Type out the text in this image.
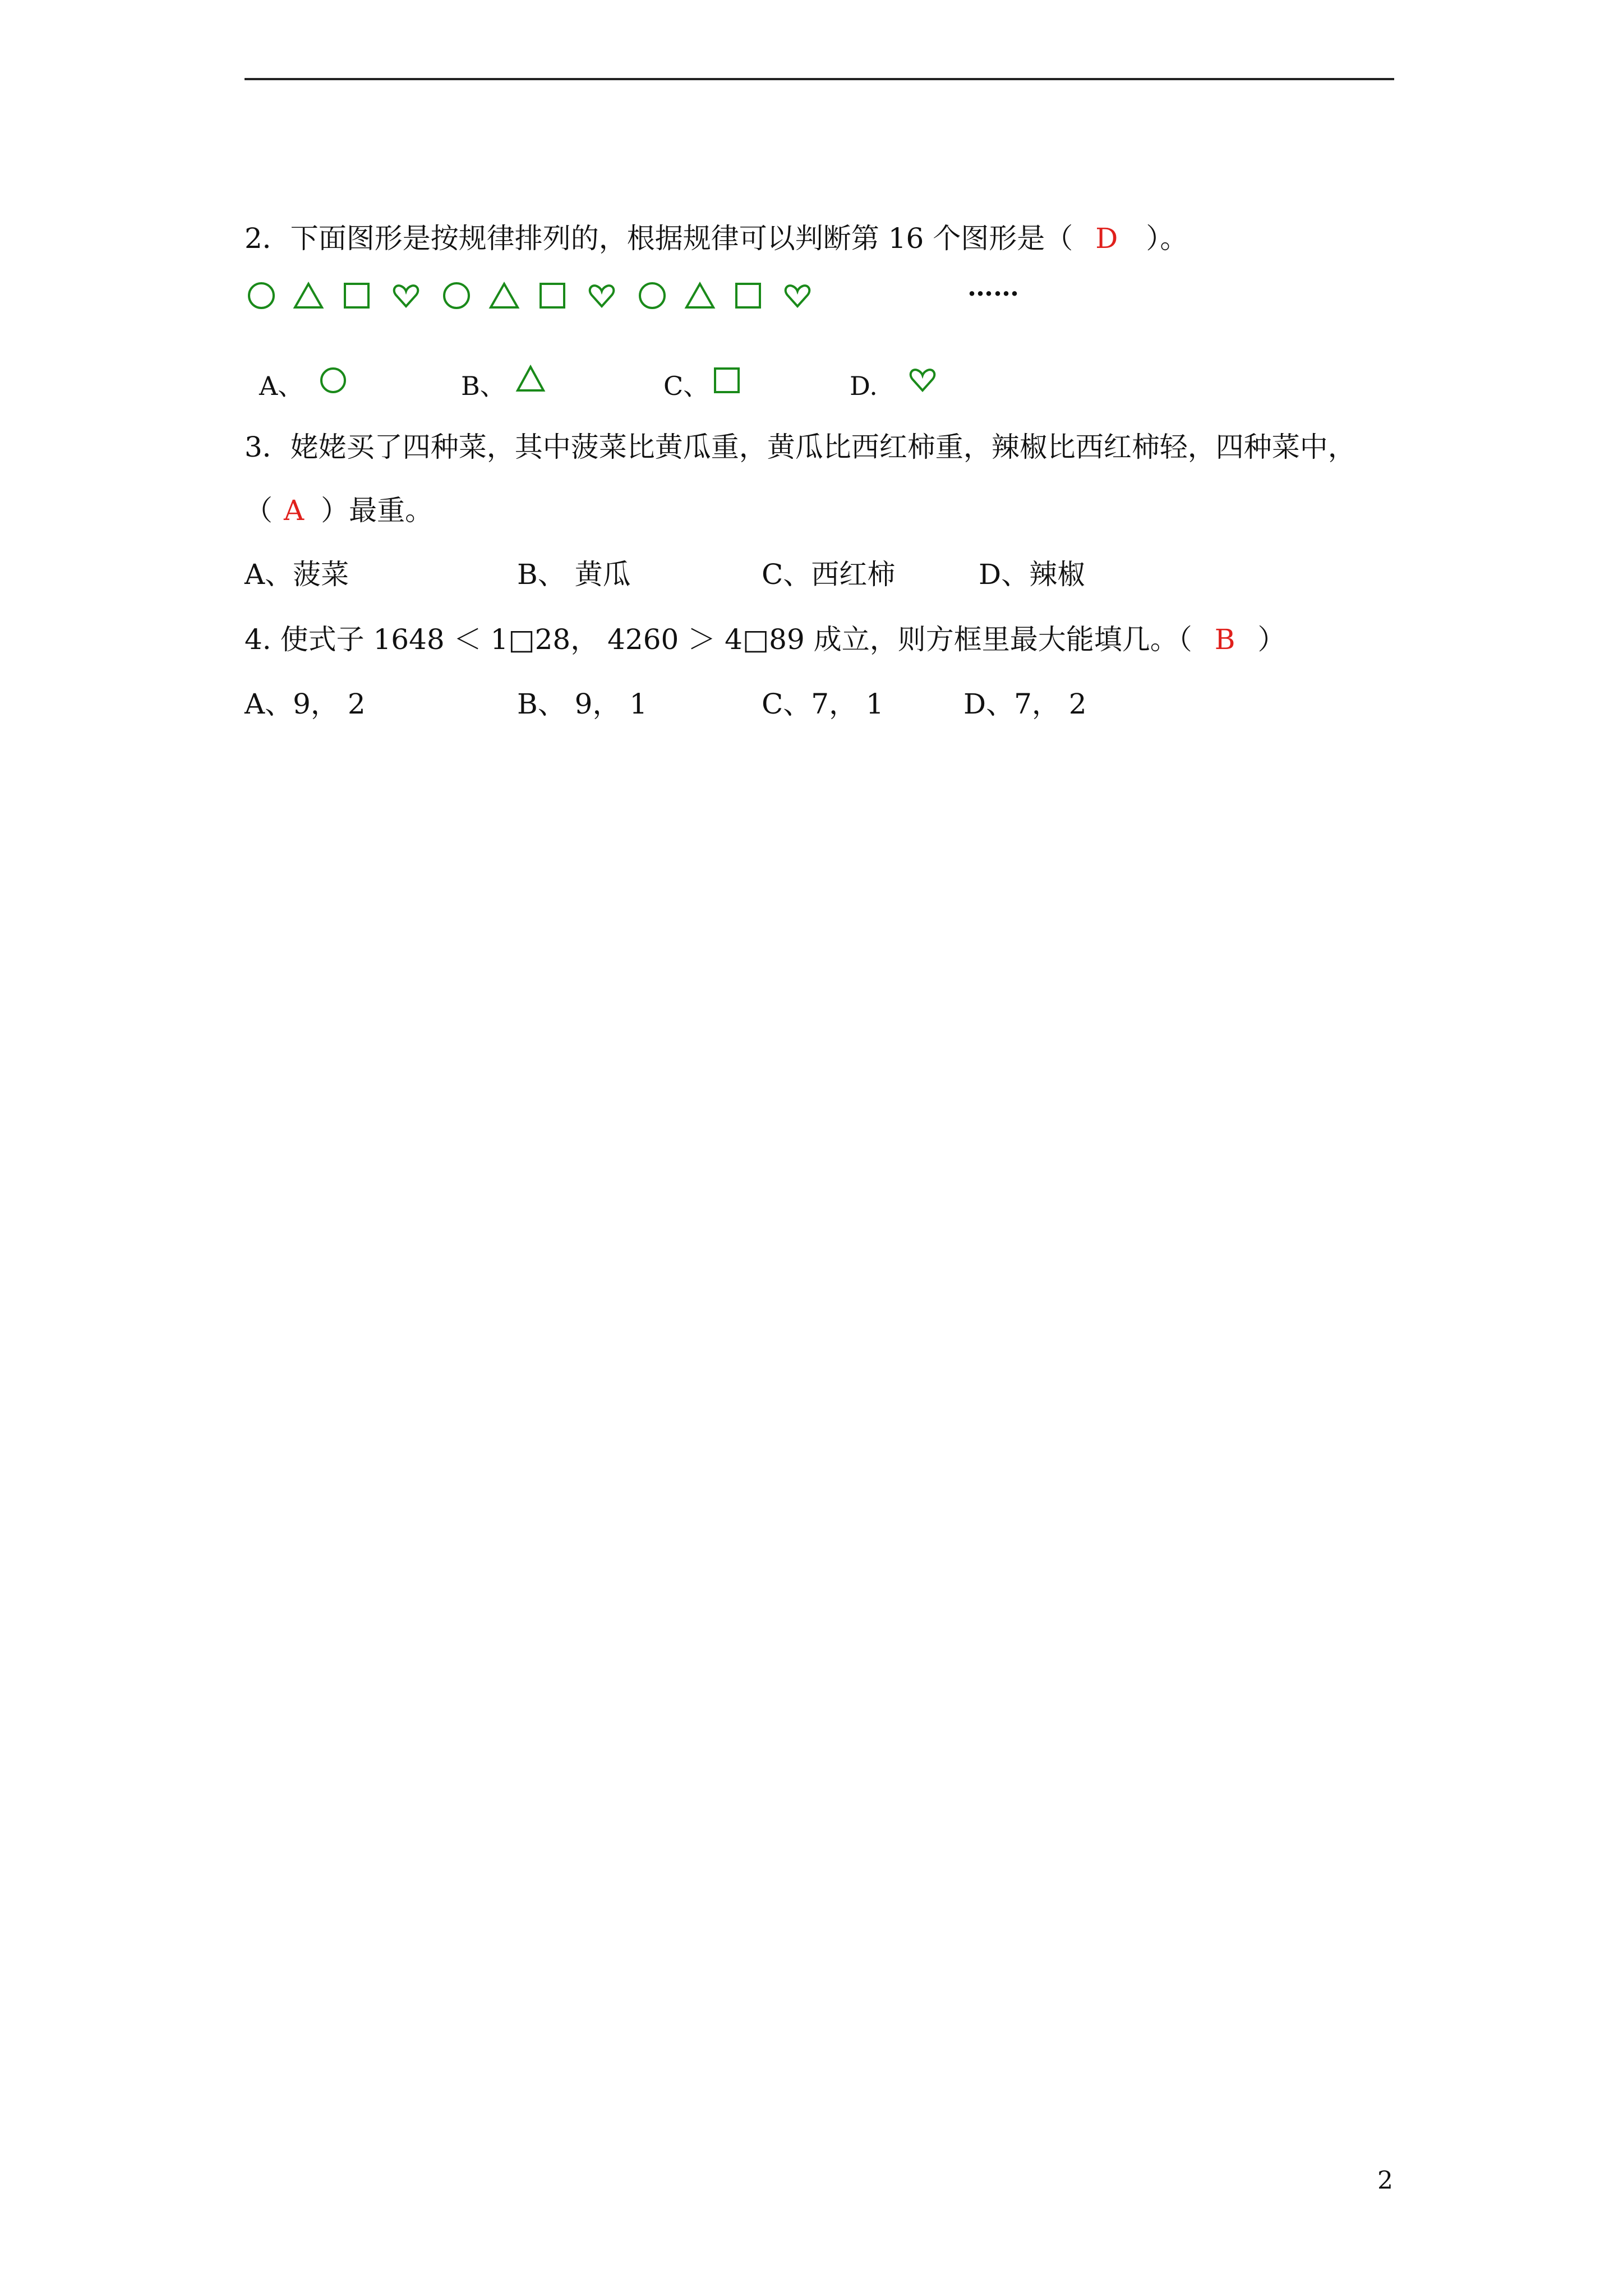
2．下面图形是按规律排列的，根据规律可以判断第 16 个图形是（ D ）。
……
A、	B、	C、	D.
3．姥姥买了四种菜，其中菠菜比黄瓜重，黄瓜比西红柿重，辣椒比西红柿轻，四种菜中，
（ A ）最重。
A、菠菜	B、 黄瓜	C、西红柿	D、辣椒
4. 使式子 1648 ＜ 1□28， 4260 ＞ 4□89 成立，则方框里最大能填几。（ B ）
A、9， 2	B、 9， 1	C、7， 1	D、7， 2
2
